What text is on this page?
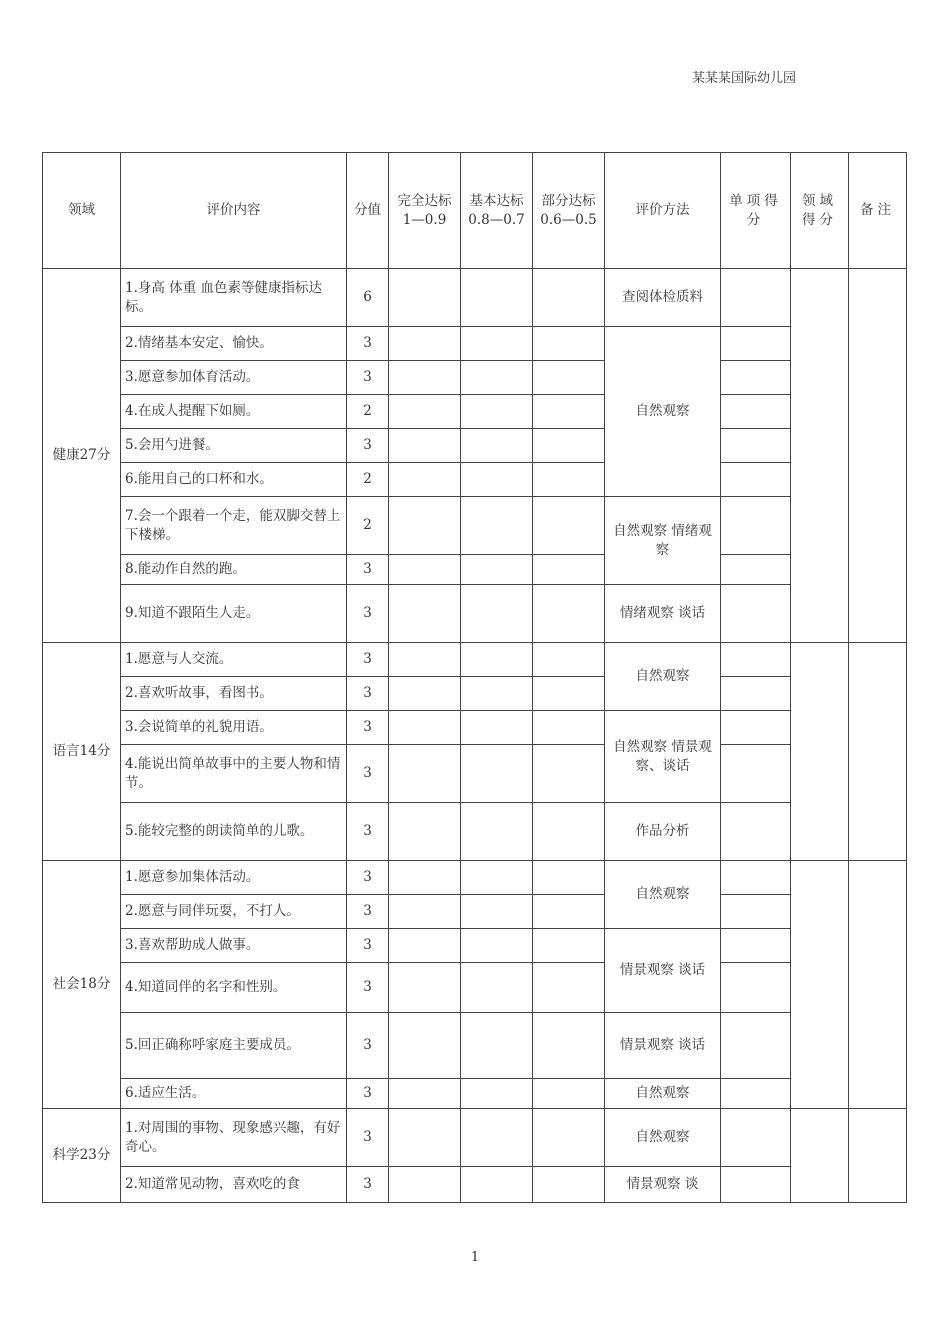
某某某国际幼儿园
领域	评价内容	分值	完全达标 1—0.9	基本达标 0.8—0.7	部分达标 0.6—0.5	评价方法	单项得分	领域得分	备注
健康27分	1.身高 体重 血色素等健康指标达标。	6				查阅体检质料			
	2.情绪基本安定、愉快。	3				自然观察			
	3.愿意参加体育活动。	3							
	4.在成人提醒下如厕。	2							
	5.会用勺进餐。	3							
	6.能用自己的口杯和水。	2							
	7.会一个跟着一个走，能双脚交替上下楼梯。	2				自然观察 情绪观察			
	8.能动作自然的跑。	3							
	9.知道不跟陌生人走。	3				情绪观察 谈话			
语言14分	1.愿意与人交流。	3				自然观察			
	2.喜欢听故事，看图书。	3							
	3.会说简单的礼貌用语。	3				自然观察 情景观察、谈话			
	4.能说出简单故事中的主要人物和情节。	3							
	5.能较完整的朗读简单的儿歌。	3				作品分析			
社会18分	1.愿意参加集体活动。	3				自然观察			
	2.愿意与同伴玩耍，不打人。	3							
	3.喜欢帮助成人做事。	3				情景观察 谈话			
	4.知道同伴的名字和性别。	3							
	5.回正确称呼家庭主要成员。	3				情景观察 谈话			
	6.适应生活。	3				自然观察			
科学23分	1.对周围的事物、现象感兴趣，有好奇心。	3				自然观察			
	2.知道常见动物，喜欢吃的食	3				情景观察 谈			
1
